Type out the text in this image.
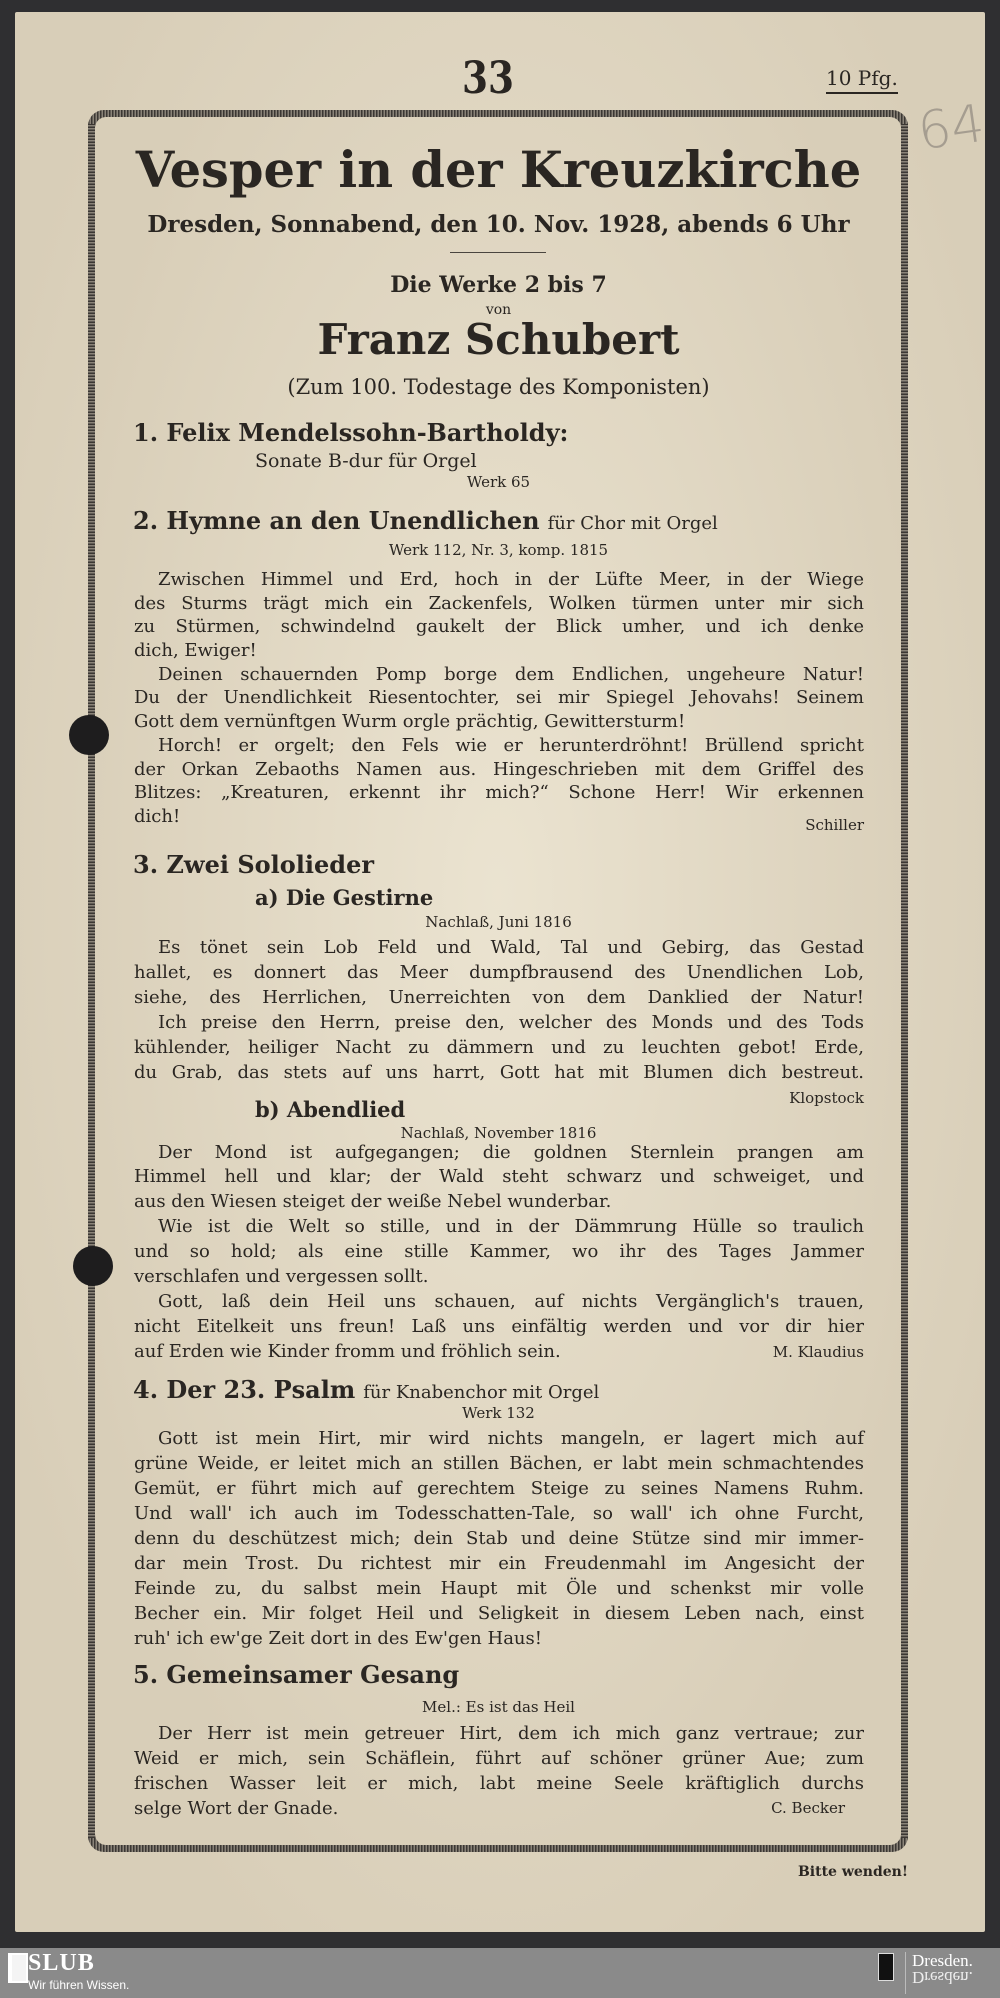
33	10 Pfg.
64
Vesper in der Kreuzkirche
Dresden, Sonnabend, den 10. Nov. 1928, abends 6 Uhr
Die Werke 2 bis 7
von
Franz Schubert
(Zum 100. Todestage des Komponisten)
1. Felix Mendelssohn-Bartholdy:
Sonate B-dur für Orgel
Werk 65
2. Hymne an den Unendlichen für Chor mit Orgel
Werk 112, Nr. 3, komp. 1815
Zwischen Himmel und Erd, hoch in der Lüfte Meer, in der Wiege
des Sturms trägt mich ein Zackenfels, Wolken türmen unter mir sich
zu Stürmen, schwindelnd gaukelt der Blick umher, und ich denke
dich, Ewiger!
Deinen schauernden Pomp borge dem Endlichen, ungeheure Natur!
Du der Unendlichkeit Riesentochter, sei mir Spiegel Jehovahs! Seinem
Gott dem vernünftgen Wurm orgle prächtig, Gewittersturm!
Horch! er orgelt; den Fels wie er herunterdröhnt! Brüllend spricht
der Orkan Zebaoths Namen aus. Hingeschrieben mit dem Griffel des
Blitzes: „Kreaturen, erkennt ihr mich?“ Schone Herr! Wir erkennen
dich!	Schiller
3. Zwei Sololieder
a) Die Gestirne
Nachlaß, Juni 1816
Es tönet sein Lob Feld und Wald, Tal und Gebirg, das Gestad
hallet, es donnert das Meer dumpfbrausend des Unendlichen Lob,
siehe, des Herrlichen, Unerreichten von dem Danklied der Natur!
Ich preise den Herrn, preise den, welcher des Monds und des Tods
kühlender, heiliger Nacht zu dämmern und zu leuchten gebot! Erde,
du Grab, das stets auf uns harrt, Gott hat mit Blumen dich bestreut.
Klopstock
b) Abendlied
Nachlaß, November 1816
Der Mond ist aufgegangen; die goldnen Sternlein prangen am
Himmel hell und klar; der Wald steht schwarz und schweiget, und
aus den Wiesen steiget der weiße Nebel wunderbar.
Wie ist die Welt so stille, und in der Dämmrung Hülle so traulich
und so hold; als eine stille Kammer, wo ihr des Tages Jammer
verschlafen und vergessen sollt.
Gott, laß dein Heil uns schauen, auf nichts Vergänglich's trauen,
nicht Eitelkeit uns freun! Laß uns einfältig werden und vor dir hier
auf Erden wie Kinder fromm und fröhlich sein.	M. Klaudius
4. Der 23. Psalm für Knabenchor mit Orgel
Werk 132
Gott ist mein Hirt, mir wird nichts mangeln, er lagert mich auf
grüne Weide, er leitet mich an stillen Bächen, er labt mein schmachtendes
Gemüt, er führt mich auf gerechtem Steige zu seines Namens Ruhm.
Und wall' ich auch im Todesschatten-Tale, so wall' ich ohne Furcht,
denn du deschützest mich; dein Stab und deine Stütze sind mir immer-
dar mein Trost. Du richtest mir ein Freudenmahl im Angesicht der
Feinde zu, du salbst mein Haupt mit Öle und schenkst mir volle
Becher ein. Mir folget Heil und Seligkeit in diesem Leben nach, einst
ruh' ich ew'ge Zeit dort in des Ew'gen Haus!
5. Gemeinsamer Gesang
Mel.: Es ist das Heil
Der Herr ist mein getreuer Hirt, dem ich mich ganz vertraue; zur
Weid er mich, sein Schäflein, führt auf schöner grüner Aue; zum
frischen Wasser leit er mich, labt meine Seele kräftiglich durchs
selge Wort der Gnade.	C. Becker
Bitte wenden!
SLUB
Wir führen Wissen.
Dresden.
Dresden.
